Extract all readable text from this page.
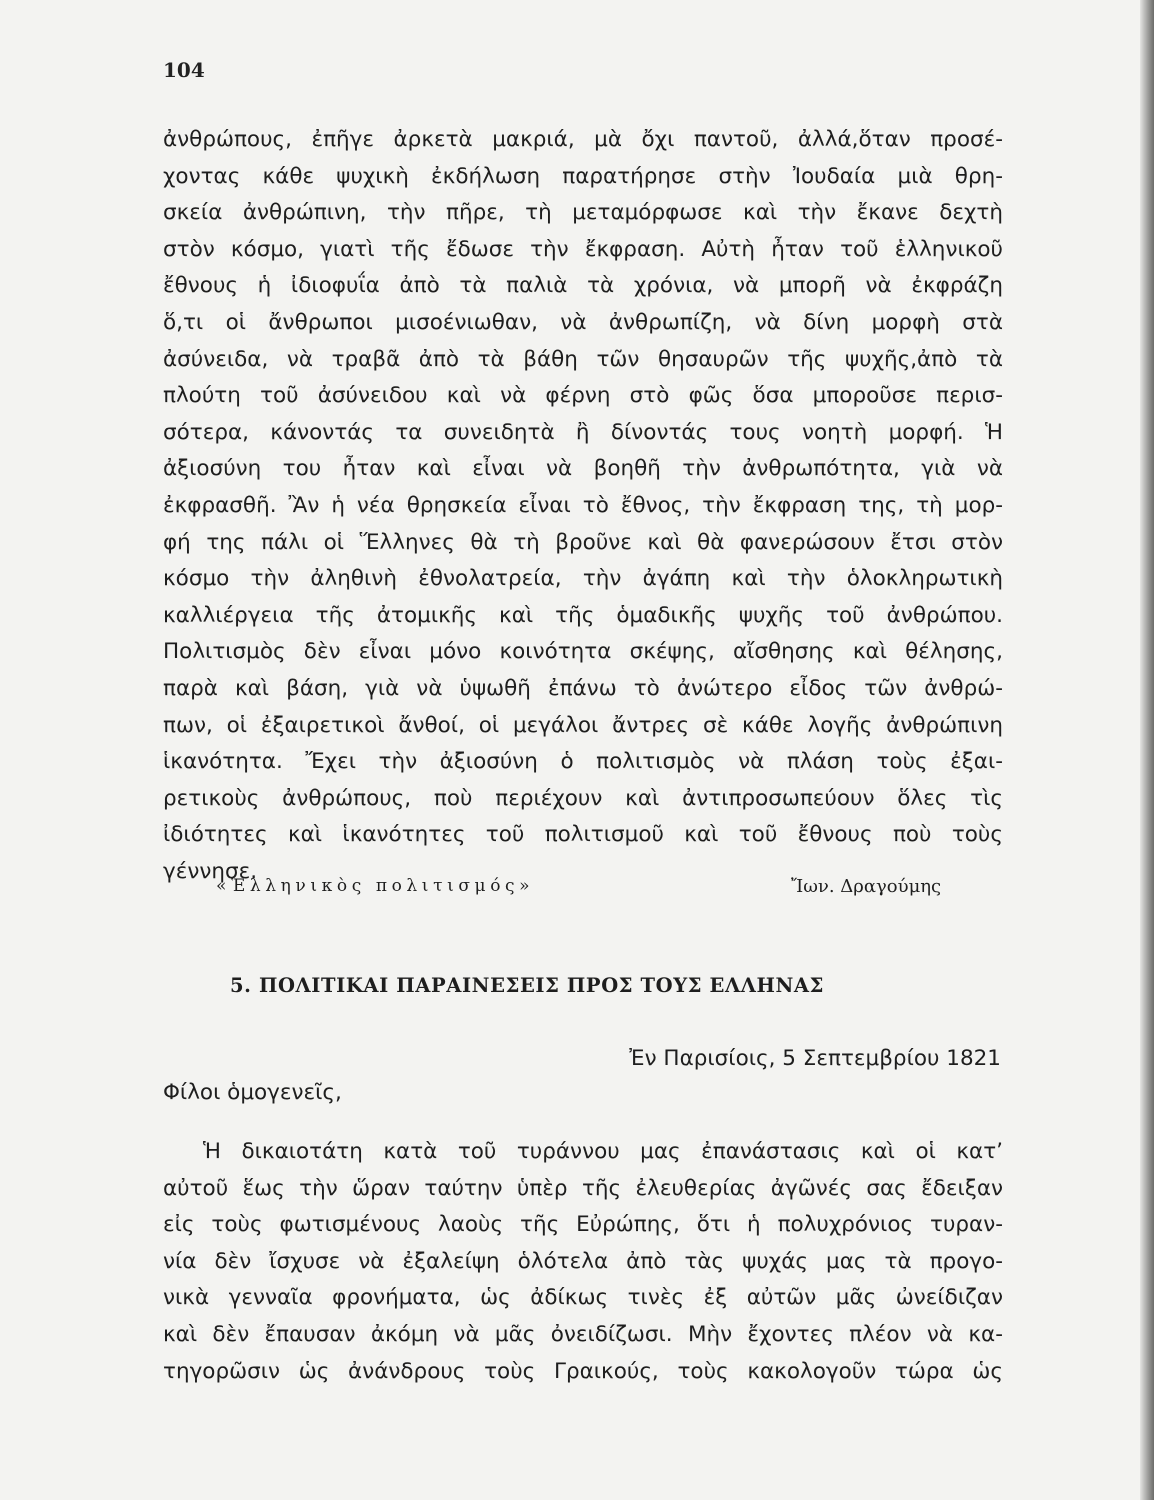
104
ἀνθρώπους, ἐπῆγε ἀρκετὰ μακριά, μὰ ὄχι παντοῦ, ἀλλά,ὅταν προσέ-
χοντας κάθε ψυχικὴ ἐκδήλωση παρατήρησε στὴν Ἰουδαία μιὰ θρη-
σκεία ἀνθρώπινη, τὴν πῆρε, τὴ μεταμόρφωσε καὶ τὴν ἔκανε δεχτὴ
στὸν κόσμο, γιατὶ τῆς ἔδωσε τὴν ἔκφραση. Αὐτὴ ἦταν τοῦ ἑλληνικοῦ
ἔθνους ἡ ἰδιοφυΐα ἀπὸ τὰ παλιὰ τὰ χρόνια, νὰ μπορῆ νὰ ἐκφράζη
ὅ,τι οἱ ἄνθρωποι μισοένιωθαν, νὰ ἀνθρωπίζη, νὰ δίνη μορφὴ στὰ
ἀσύνειδα, νὰ τραβᾶ ἀπὸ τὰ βάθη τῶν θησαυρῶν τῆς ψυχῆς,ἀπὸ τὰ
πλούτη τοῦ ἀσύνειδου καὶ νὰ φέρνη στὸ φῶς ὅσα μποροῦσε περισ-
σότερα, κάνοντάς τα συνειδητὰ ἢ δίνοντάς τους νοητὴ μορφή. Ἡ
ἀξιοσύνη του ἦταν καὶ εἶναι νὰ βοηθῆ τὴν ἀνθρωπότητα, γιὰ νὰ
ἐκφρασθῆ. Ἂν ἡ νέα θρησκεία εἶναι τὸ ἔθνος, τὴν ἔκφραση της, τὴ μορ-
φή της πάλι οἱ Ἕλληνες θὰ τὴ βροῦνε καὶ θὰ φανερώσουν ἔτσι στὸν
κόσμο τὴν ἀληθινὴ ἐθνολατρεία, τὴν ἀγάπη καὶ τὴν ὁλοκληρωτικὴ
καλλιέργεια τῆς ἀτομικῆς καὶ τῆς ὁμαδικῆς ψυχῆς τοῦ ἀνθρώπου.
Πολιτισμὸς δὲν εἶναι μόνο κοινότητα σκέψης, αἴσθησης καὶ θέλησης,
παρὰ καὶ βάση, γιὰ νὰ ὑψωθῆ ἐπάνω τὸ ἀνώτερο εἶδος τῶν ἀνθρώ-
πων, οἱ ἐξαιρετικοὶ ἄνθοί, οἱ μεγάλοι ἄντρες σὲ κάθε λογῆς ἀνθρώπινη
ἱκανότητα. Ἔχει τὴν ἀξιοσύνη ὁ πολιτισμὸς νὰ πλάση τοὺς ἐξαι-
ρετικοὺς ἀνθρώπους, ποὺ περιέχουν καὶ ἀντιπροσωπεύουν ὅλες τὶς
ἰδιότητες καὶ ἱκανότητες τοῦ πολιτισμοῦ καὶ τοῦ ἔθνους ποὺ τοὺς
γέννησε.
«Ἑλληνικὸς πολιτισμός»	Ἴων. Δραγούμης
5. ΠΟΛΙΤΙΚΑΙ ΠΑΡΑΙΝΕΣΕΙΣ ΠΡΟΣ ΤΟΥΣ ΕΛΛΗΝΑΣ
Ἐν Παρισίοις, 5 Σεπτεμβρίου 1821
Φίλοι ὁμογενεῖς,
Ἡ δικαιοτάτη κατὰ τοῦ τυράννου μας ἐπανάστασις καὶ οἱ κατ’
αὐτοῦ ἕως τὴν ὥραν ταύτην ὑπὲρ τῆς ἐλευθερίας ἀγῶνές σας ἔδειξαν
εἰς τοὺς φωτισμένους λαοὺς τῆς Εὐρώπης, ὅτι ἡ πολυχρόνιος τυραν-
νία δὲν ἴσχυσε νὰ ἐξαλείψη ὁλότελα ἀπὸ τὰς ψυχάς μας τὰ προγο-
νικὰ γενναῖα φρονήματα, ὡς ἀδίκως τινὲς ἐξ αὐτῶν μᾶς ὠνείδιζαν
καὶ δὲν ἔπαυσαν ἀκόμη νὰ μᾶς ὀνειδίζωσι. Μὴν ἔχοντες πλέον νὰ κα-
τηγορῶσιν ὡς ἀνάνδρους τοὺς Γραικούς, τοὺς κακολογοῦν τώρα ὡς
